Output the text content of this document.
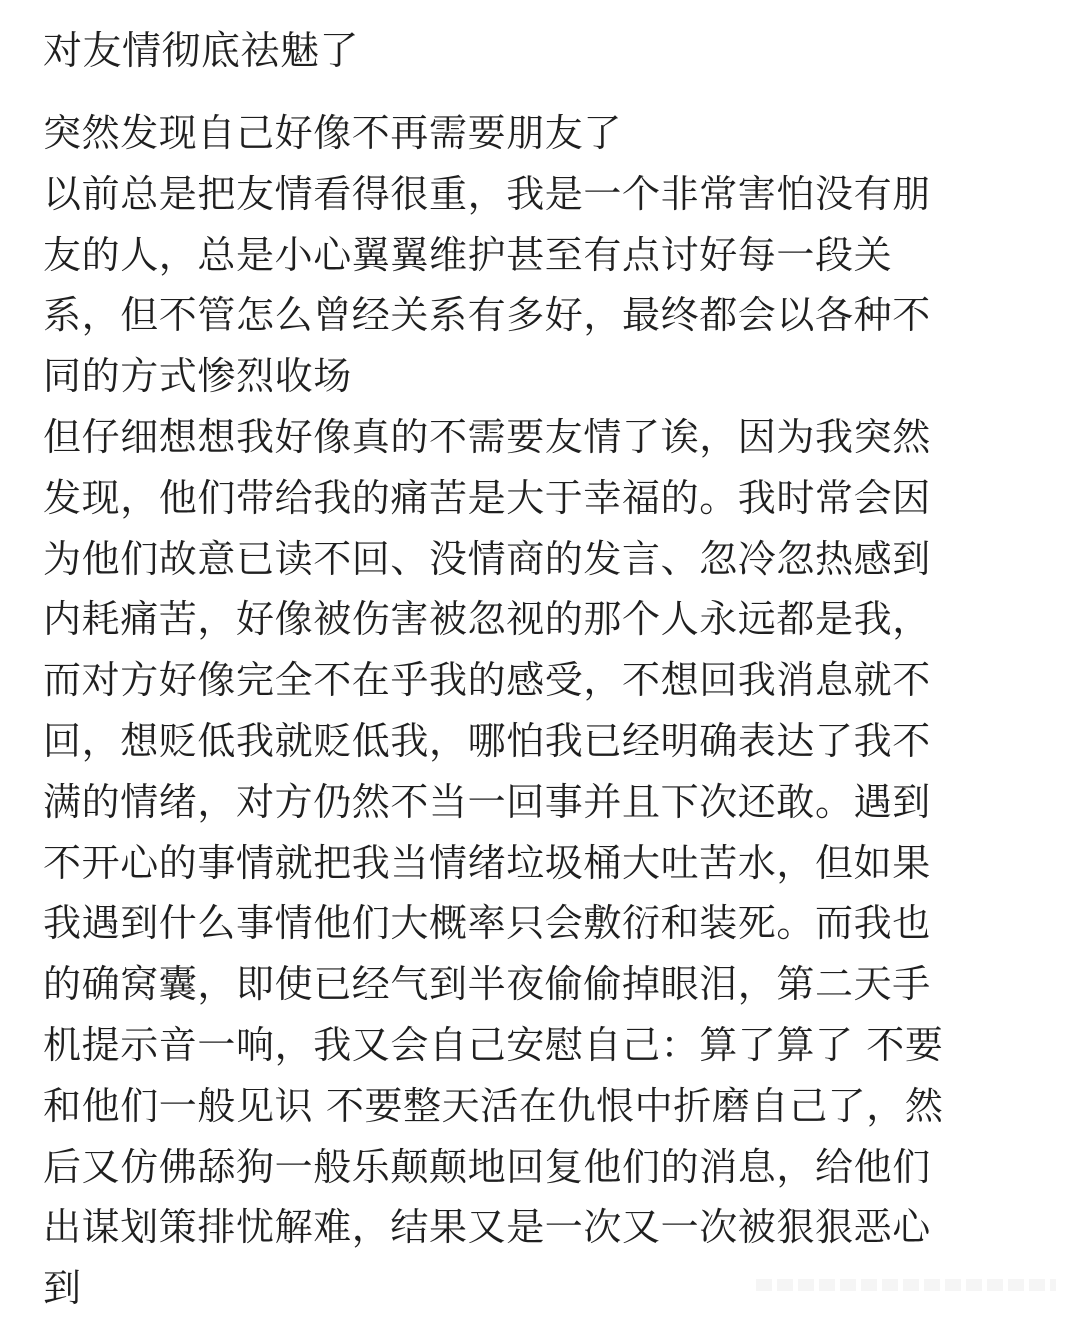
对友情彻底祛魅了
突然发现自己好像不再需要朋友了
以前总是把友情看得很重，我是一个非常害怕没有朋
友的人，总是小心翼翼维护甚至有点讨好每一段关
系，但不管怎么曾经关系有多好，最终都会以各种不
同的方式惨烈收场
但仔细想想我好像真的不需要友情了诶，因为我突然
发现，他们带给我的痛苦是大于幸福的。我时常会因
为他们故意已读不回、没情商的发言、忽冷忽热感到
内耗痛苦，好像被伤害被忽视的那个人永远都是我，
而对方好像完全不在乎我的感受，不想回我消息就不
回，想贬低我就贬低我，哪怕我已经明确表达了我不
满的情绪，对方仍然不当一回事并且下次还敢。遇到
不开心的事情就把我当情绪垃圾桶大吐苦水，但如果
我遇到什么事情他们大概率只会敷衍和装死。而我也
的确窝囊，即使已经气到半夜偷偷掉眼泪，第二天手
机提示音一响，我又会自己安慰自己：算了算了 不要
和他们一般见识 不要整天活在仇恨中折磨自己了，然
后又仿佛舔狗一般乐颠颠地回复他们的消息，给他们
出谋划策排忧解难，结果又是一次又一次被狠狠恶心
到
